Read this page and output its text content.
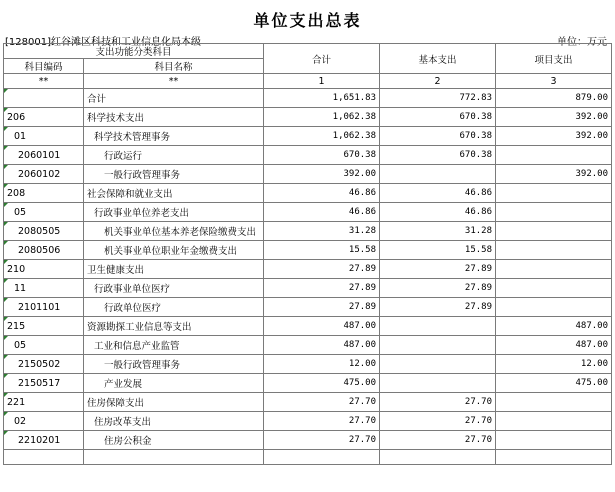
单位支出总表
[128001]红谷滩区科技和工业信息化局本级	单位：万元
支出功能分类科目		合计	基本支出	项目支出
科目编码	科目名称			
**	**	1	2	3
	合计	1,651.83	772.83	879.00
206	科学技术支出	1,062.38	670.38	392.00
01	科学技术管理事务	1,062.38	670.38	392.00
2060101	行政运行	670.38	670.38	
2060102	一般行政管理事务	392.00		392.00
208	社会保障和就业支出	46.86	46.86	
05	行政事业单位养老支出	46.86	46.86	
2080505	机关事业单位基本养老保险缴费支出	31.28	31.28	
2080506	机关事业单位职业年金缴费支出	15.58	15.58	
210	卫生健康支出	27.89	27.89	
11	行政事业单位医疗	27.89	27.89	
2101101	行政单位医疗	27.89	27.89	
215	资源勘探工业信息等支出	487.00		487.00
05	工业和信息产业监管	487.00		487.00
2150502	一般行政管理事务	12.00		12.00
2150517	产业发展	475.00		475.00
221	住房保障支出	27.70	27.70	
02	住房改革支出	27.70	27.70	
2210201	住房公积金	27.70	27.70	
